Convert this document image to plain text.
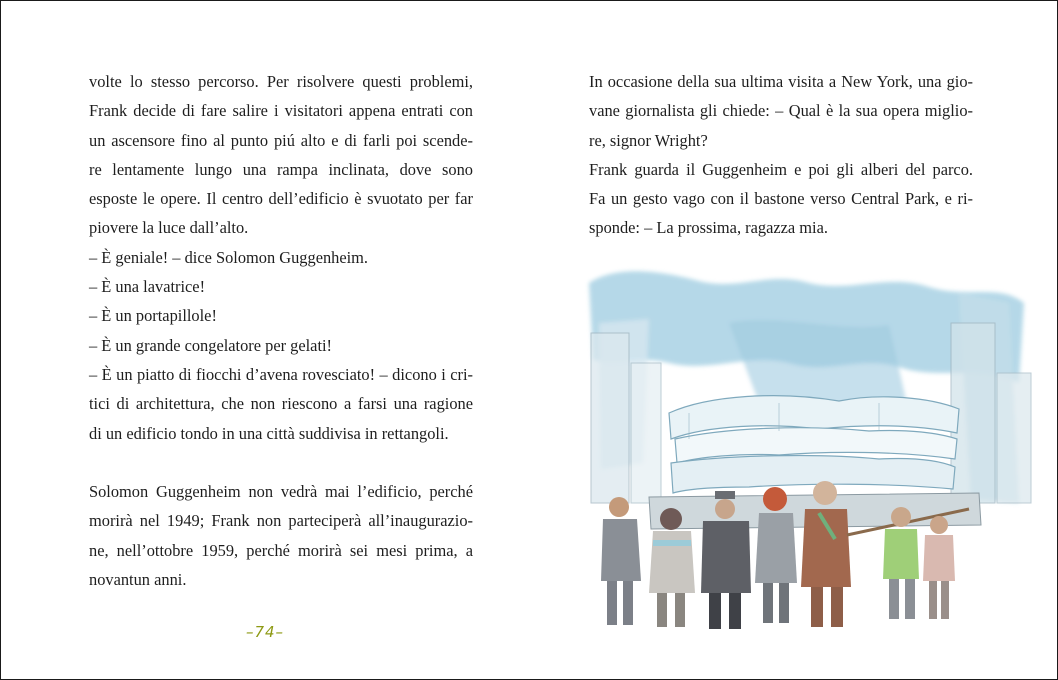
volte lo stesso percorso. Per risolvere questi problemi,
Frank decide di fare salire i visitatori appena entrati con
un ascensore fino al punto piú alto e di farli poi scende-
re lentamente lungo una rampa inclinata, dove sono
esposte le opere. Il centro dell’edificio è svuotato per far
piovere la luce dall’alto.
– È geniale! – dice Solomon Guggenheim.
– È una lavatrice!
– È un portapillole!
– È un grande congelatore per gelati!
– È un piatto di fiocchi d’avena rovesciato! – dicono i cri-
tici di architettura, che non riescono a farsi una ragione
di un edificio tondo in una città suddivisa in rettangoli.
Solomon Guggenheim non vedrà mai l’edificio, perché
morirà nel 1949; Frank non parteciperà all’inaugurazio-
ne, nell’ottobre 1959, perché morirà sei mesi prima, a
novantun anni.
–74–
In occasione della sua ultima visita a New York, una gio-
vane giornalista gli chiede: – Qual è la sua opera miglio-
re, signor Wright?
Frank guarda il Guggenheim e poi gli alberi del parco.
Fa un gesto vago con il bastone verso Central Park, e ri-
sponde: – La prossima, ragazza mia.
